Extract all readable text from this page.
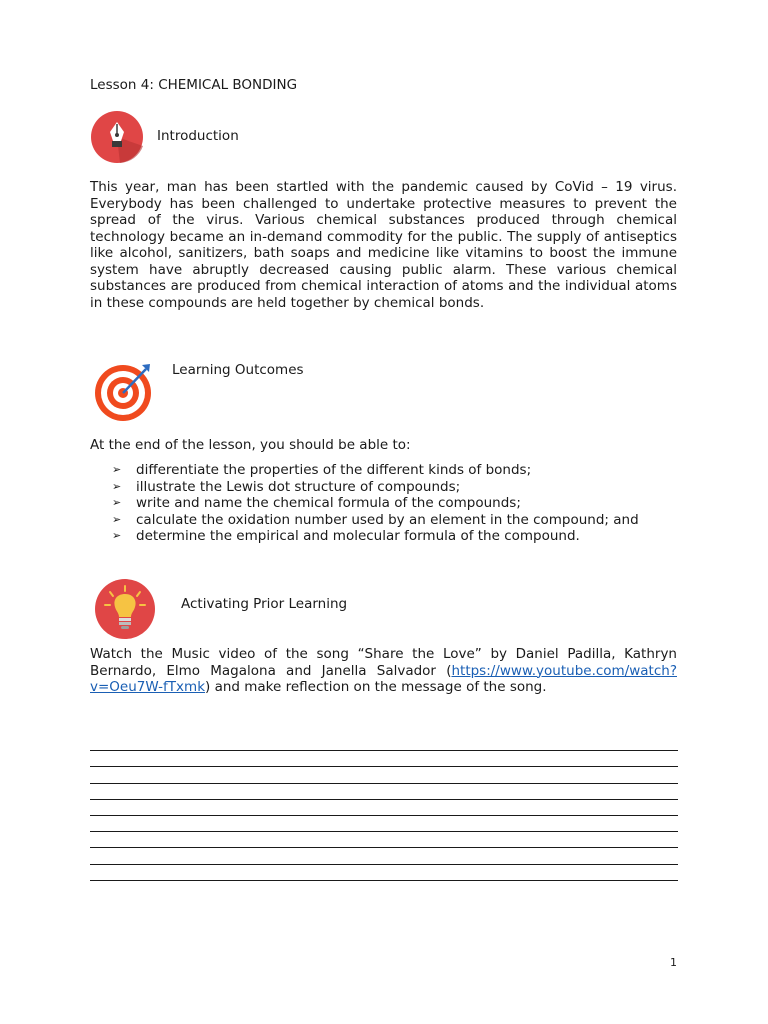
Lesson 4: CHEMICAL BONDING
Introduction
This year, man has been startled with the pandemic caused by CoVid – 19 virus. Everybody has been challenged to undertake protective measures to prevent the spread of the virus. Various chemical substances produced through chemical technology became an in-demand commodity for the public. The supply of antiseptics like alcohol, sanitizers, bath soaps and medicine like vitamins to boost the immune system have abruptly decreased causing public alarm. These various chemical substances are produced from chemical interaction of atoms and the individual atoms in these compounds are held together by chemical bonds.
Learning Outcomes
At the end of the lesson, you should be able to:
➢ differentiate the properties of the different kinds of bonds;
➢ illustrate the Lewis dot structure of compounds;
➢ write and name the chemical formula of the compounds;
➢ calculate the oxidation number used by an element in the compound; and
➢ determine the empirical and molecular formula of the compound.
Activating Prior Learning
Watch the Music video of the song “Share the Love” by Daniel Padilla, Kathryn Bernardo, Elmo Magalona and Janella Salvador (https://www.youtube.com/watch?v=Oeu7W-fTxmk) and make reflection on the message of the song.
1
